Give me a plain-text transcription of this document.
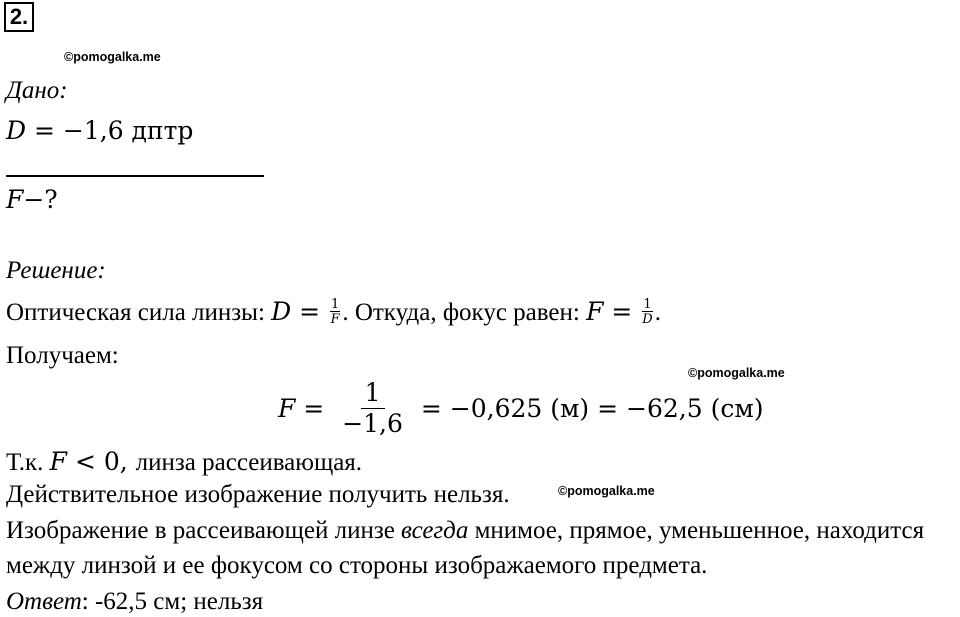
2.
©pomogalka.me
Дано:
D = −1,6 дптр
F−?
Решение:
Оптическая сила линзы: $D = \frac{1}{F}$ . Откуда, фокус равен: $F = \frac{1}{D}$ .
Получаем:
©pomogalka.me
$F = \frac{1}{-1,6} = -0,625$ (м) = −62,5 (см)
Т.к. F < 0, линза рассеивающая.
Действительное изображение получить нельзя.	©pomogalka.me
Изображение в рассеивающей линзе всегда мнимое, прямое, уменьшенное, находится
между линзой и ее фокусом со стороны изображаемого предмета.
Ответ: -62,5 см; нельзя
